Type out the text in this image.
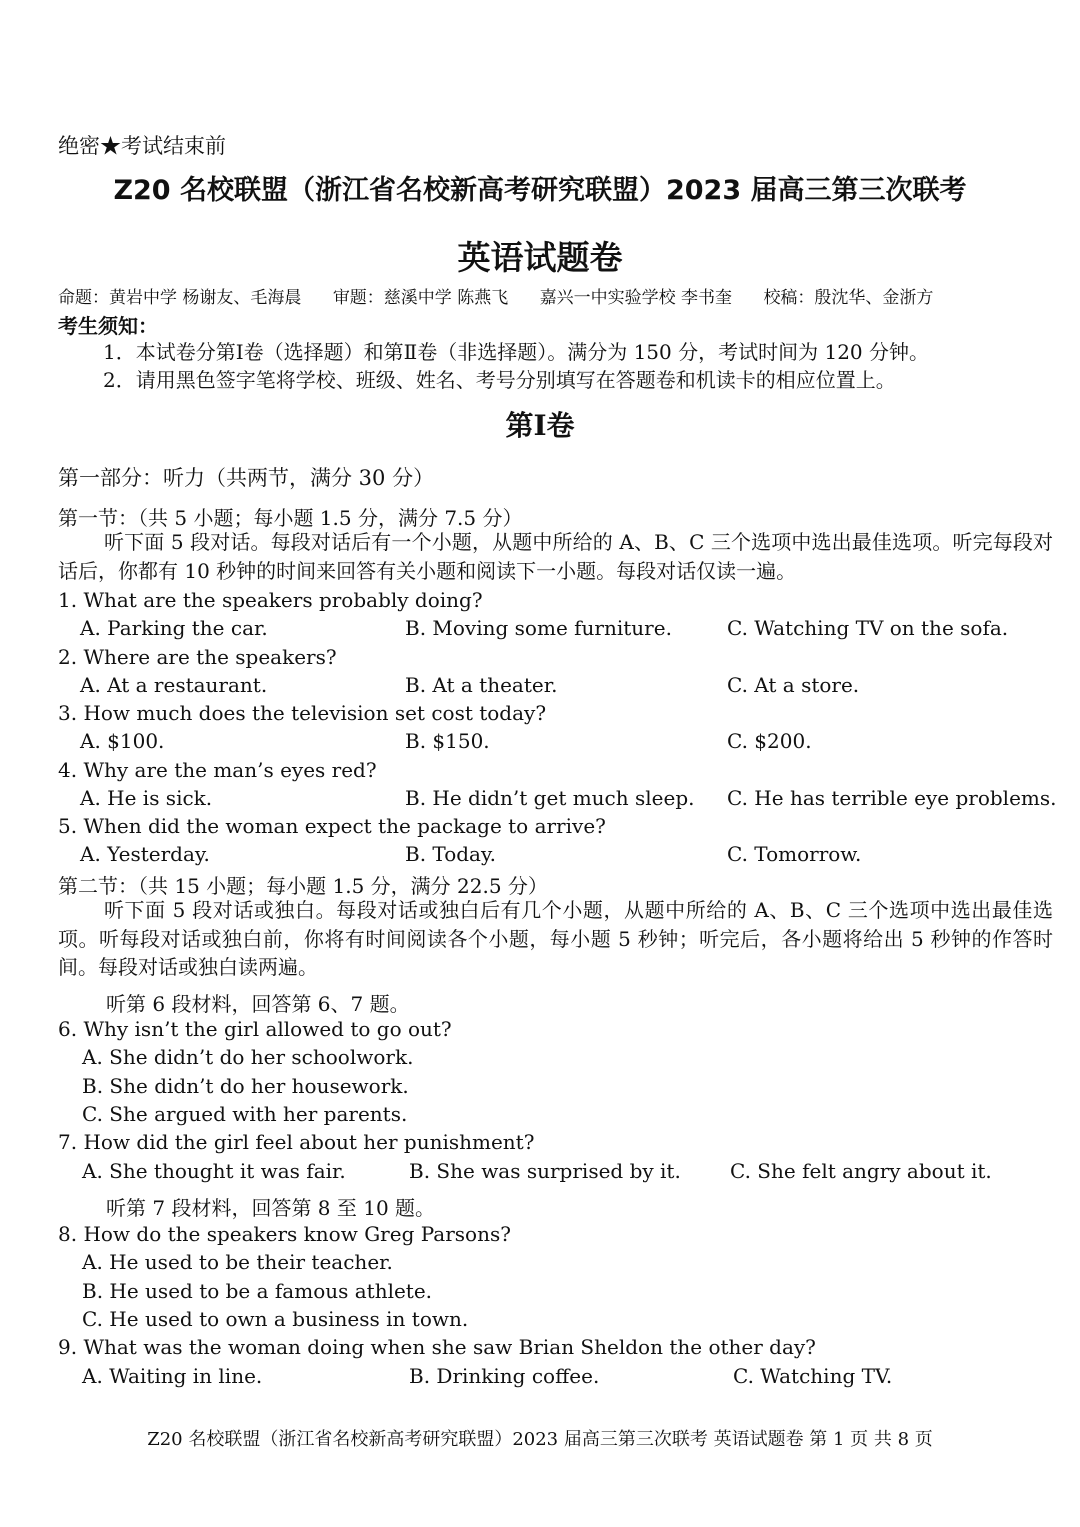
绝密★考试结束前
Z20 名校联盟（浙江省名校新高考研究联盟）2023 届高三第三次联考
英语试题卷
命题：黄岩中学 杨谢友、毛海晨 审题：慈溪中学 陈燕飞 嘉兴一中实验学校 李书奎 校稿：殷沈华、金浙方
考生须知：
1．本试卷分第Ⅰ卷（选择题）和第Ⅱ卷（非选择题）。满分为 150 分，考试时间为 120 分钟。
2．请用黑色签字笔将学校、班级、姓名、考号分别填写在答题卷和机读卡的相应位置上。
第Ⅰ卷
第一部分：听力（共两节，满分 30 分）
第一节：（共 5 小题；每小题 1.5 分，满分 7.5 分）
听下面 5 段对话。每段对话后有一个小题，从题中所给的 A、B、C 三个选项中选出最佳选项。听完每段对话后，你都有 10 秒钟的时间来回答有关小题和阅读下一小题。每段对话仅读一遍。
1. What are the speakers probably doing?
A. Parking the car.	B. Moving some furniture.	C. Watching TV on the sofa.
2. Where are the speakers?
A. At a restaurant.	B. At a theater.	C. At a store.
3. How much does the television set cost today?
A. $100.	B. $150.	C. $200.
4. Why are the man’s eyes red?
A. He is sick.	B. He didn’t get much sleep. C. He has terrible eye problems.
5. When did the woman expect the package to arrive?
A. Yesterday.	B. Today.	C. Tomorrow.
第二节：（共 15 小题；每小题 1.5 分，满分 22.5 分）
听下面 5 段对话或独白。每段对话或独白后有几个小题，从题中所给的 A、B、C 三个选项中选出最佳选项。听每段对话或独白前，你将有时间阅读各个小题，每小题 5 秒钟；听完后，各小题将给出 5 秒钟的作答时间。每段对话或独白读两遍。
听第 6 段材料，回答第 6、7 题。
6. Why isn’t the girl allowed to go out?
A. She didn’t do her schoolwork.
B. She didn’t do her housework.
C. She argued with her parents.
7. How did the girl feel about her punishment?
A. She thought it was fair.	B. She was surprised by it. C. She felt angry about it.
听第 7 段材料，回答第 8 至 10 题。
8. How do the speakers know Greg Parsons?
A. He used to be their teacher.
B. He used to be a famous athlete.
C. He used to own a business in town.
9. What was the woman doing when she saw Brian Sheldon the other day?
A. Waiting in line.	B. Drinking coffee.	C. Watching TV.
Z20 名校联盟（浙江省名校新高考研究联盟）2023 届高三第三次联考 英语试题卷 第 1 页 共 8 页
